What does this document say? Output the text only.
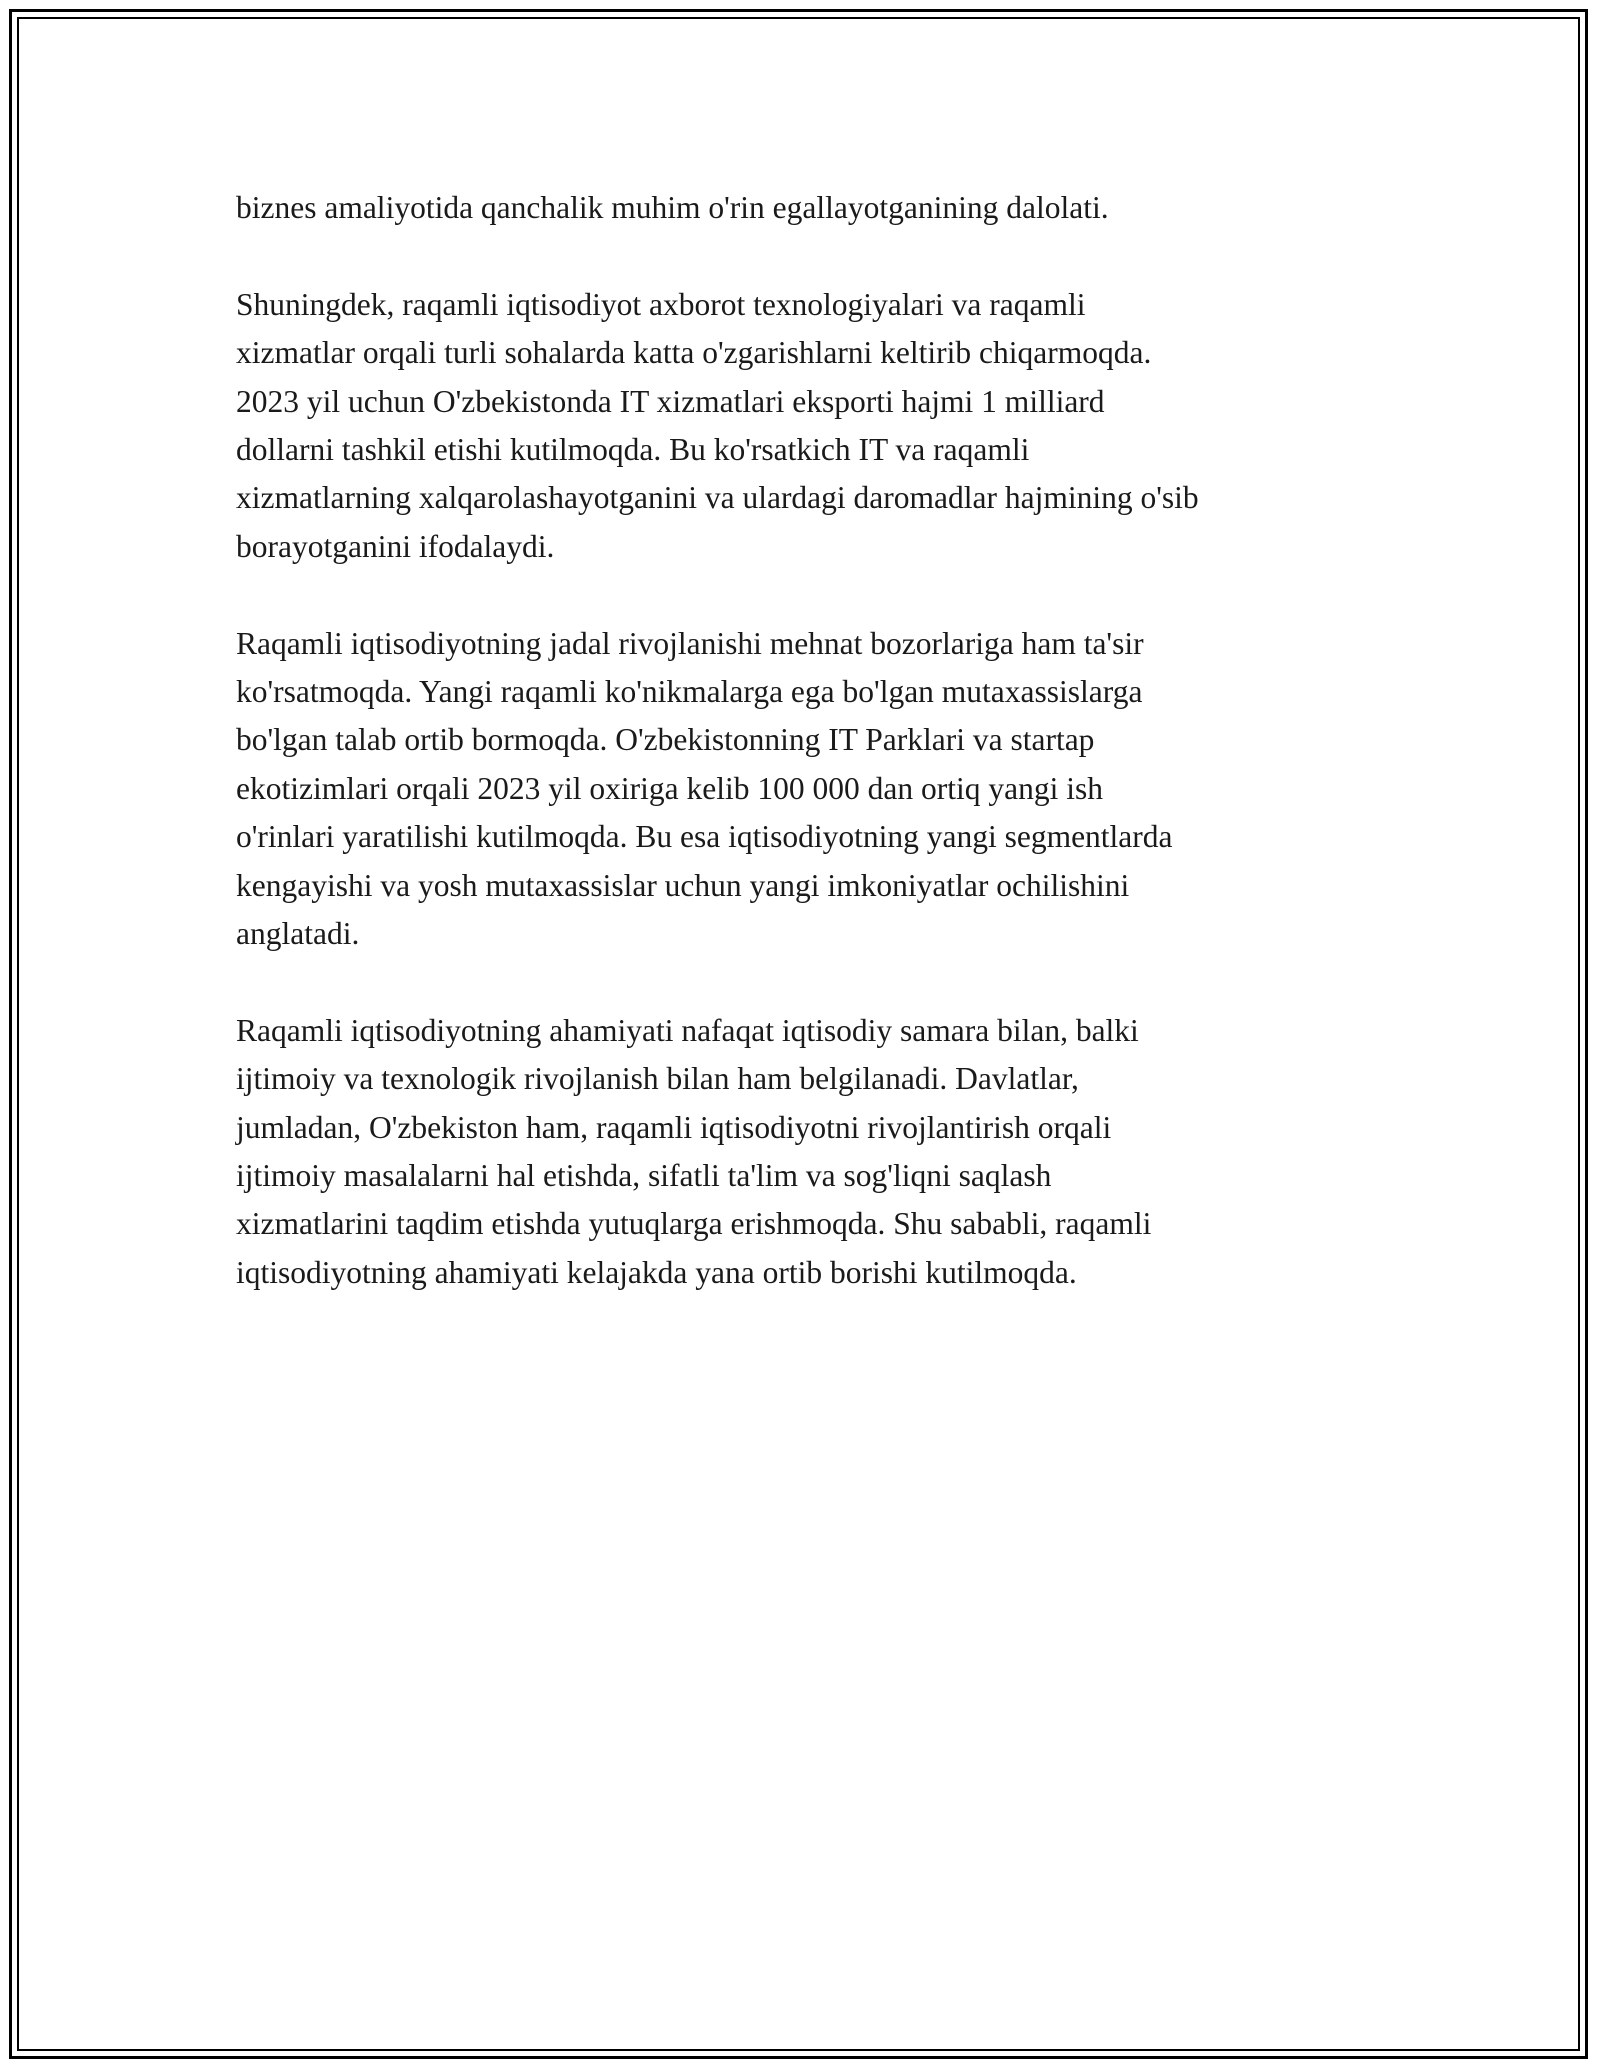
biznes amaliyotida qanchalik muhim o'rin egallayotganining dalolati.

Shuningdek, raqamli iqtisodiyot axborot texnologiyalari va raqamli
xizmatlar orqali turli sohalarda katta o'zgarishlarni keltirib chiqarmoqda.
2023 yil uchun O'zbekistonda IT xizmatlari eksporti hajmi 1 milliard
dollarni tashkil etishi kutilmoqda. Bu ko'rsatkich IT va raqamli
xizmatlarning xalqarolashayotganini va ulardagi daromadlar hajmining o'sib
borayotganini ifodalaydi.

Raqamli iqtisodiyotning jadal rivojlanishi mehnat bozorlariga ham ta'sir
ko'rsatmoqda. Yangi raqamli ko'nikmalarga ega bo'lgan mutaxassislarga
bo'lgan talab ortib bormoqda. O'zbekistonning IT Parklari va startap
ekotizimlari orqali 2023 yil oxiriga kelib 100 000 dan ortiq yangi ish
o'rinlari yaratilishi kutilmoqda. Bu esa iqtisodiyotning yangi segmentlarda
kengayishi va yosh mutaxassislar uchun yangi imkoniyatlar ochilishini
anglatadi.

Raqamli iqtisodiyotning ahamiyati nafaqat iqtisodiy samara bilan, balki
ijtimoiy va texnologik rivojlanish bilan ham belgilanadi. Davlatlar,
jumladan, O'zbekiston ham, raqamli iqtisodiyotni rivojlantirish orqali
ijtimoiy masalalarni hal etishda, sifatli ta'lim va sog'liqni saqlash
xizmatlarini taqdim etishda yutuqlarga erishmoqda. Shu sababli, raqamli
iqtisodiyotning ahamiyati kelajakda yana ortib borishi kutilmoqda.
